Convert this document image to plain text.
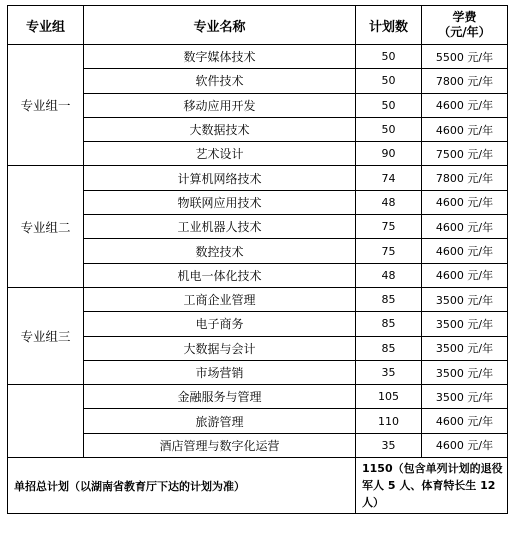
专业组	专业名称	计划数	学费
（元/年）
专业组一	数字媒体技术	50	5500 元/年
	软件技术	50	7800 元/年
	移动应用开发	50	4600 元/年
	大数据技术	50	4600 元/年
	艺术设计	90	7500 元/年
专业组二	计算机网络技术	74	7800 元/年
	物联网应用技术	48	4600 元/年
	工业机器人技术	75	4600 元/年
	数控技术	75	4600 元/年
	机电一体化技术	48	4600 元/年
专业组三	工商企业管理	85	3500 元/年
	电子商务	85	3500 元/年
	大数据与会计	85	3500 元/年
	市场营销	35	3500 元/年
	金融服务与管理	105	3500 元/年
	旅游管理	110	4600 元/年
	酒店管理与数字化运营	35	4600 元/年
单招总计划（以湖南省教育厅下达的计划为准）		1150（包含单列计划的退役军人 5 人、体育特长生 12 人）	
